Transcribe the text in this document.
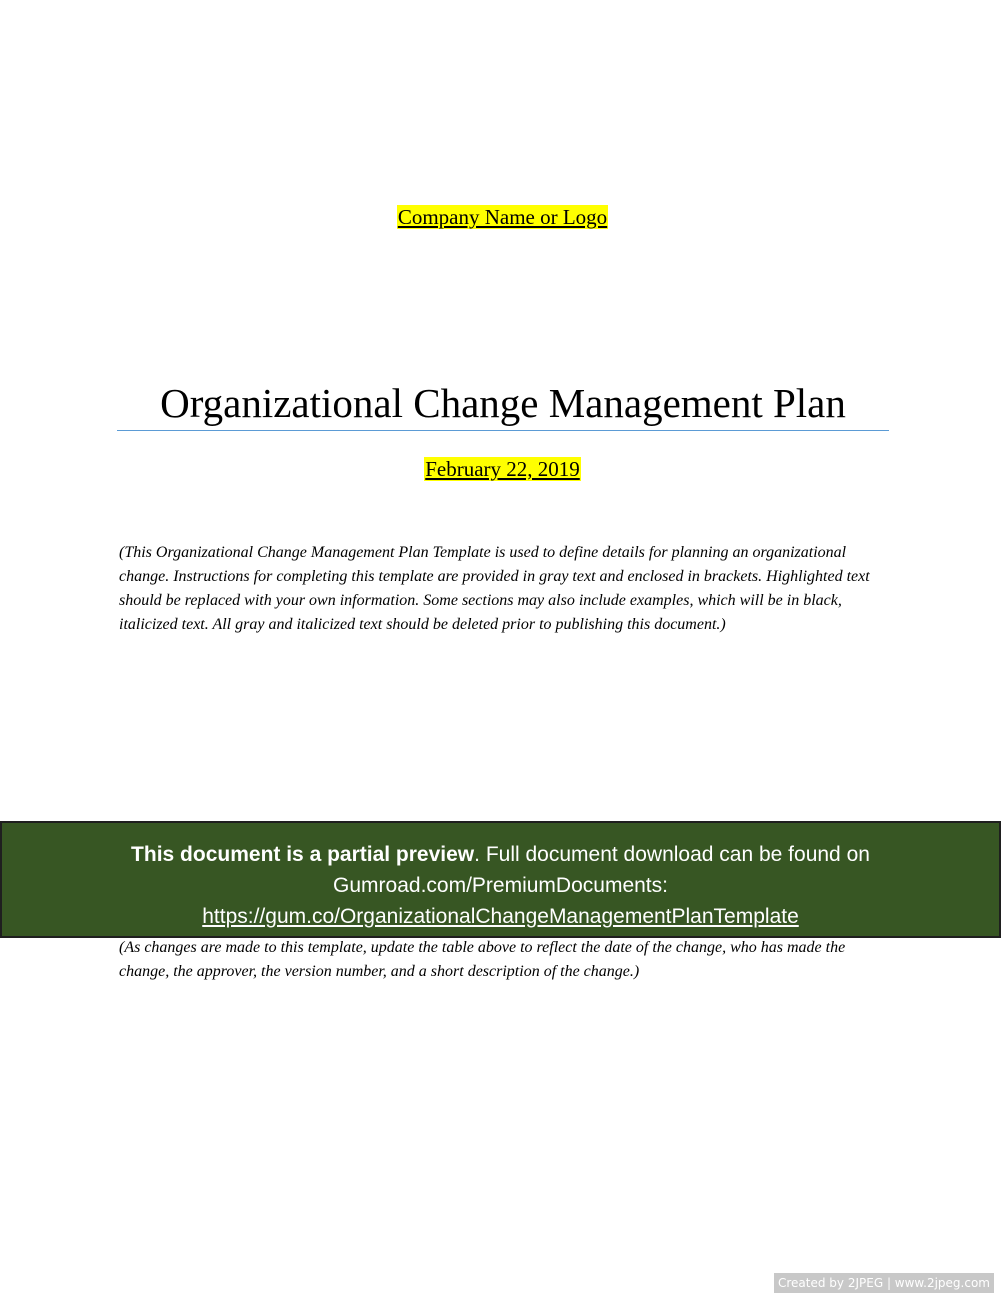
Company Name or Logo
Organizational Change Management Plan
February 22, 2019

(This Organizational Change Management Plan Template is used to define details for planning an organizational change. Instructions for completing this template are provided in gray text and enclosed in brackets. Highlighted text should be replaced with your own information. Some sections may also include examples, which will be in black, italicized text. All gray and italicized text should be deleted prior to publishing this document.)

(As changes are made to this template, update the table above to reflect the date of the change, who has made the change, the approver, the version number, and a short description of the change.)

This document is a partial preview. Full document download can be found on
Gumroad.com/PremiumDocuments:
https://gum.co/OrganizationalChangeManagementPlanTemplate
Created by 2JPEG | www.2jpeg.com
